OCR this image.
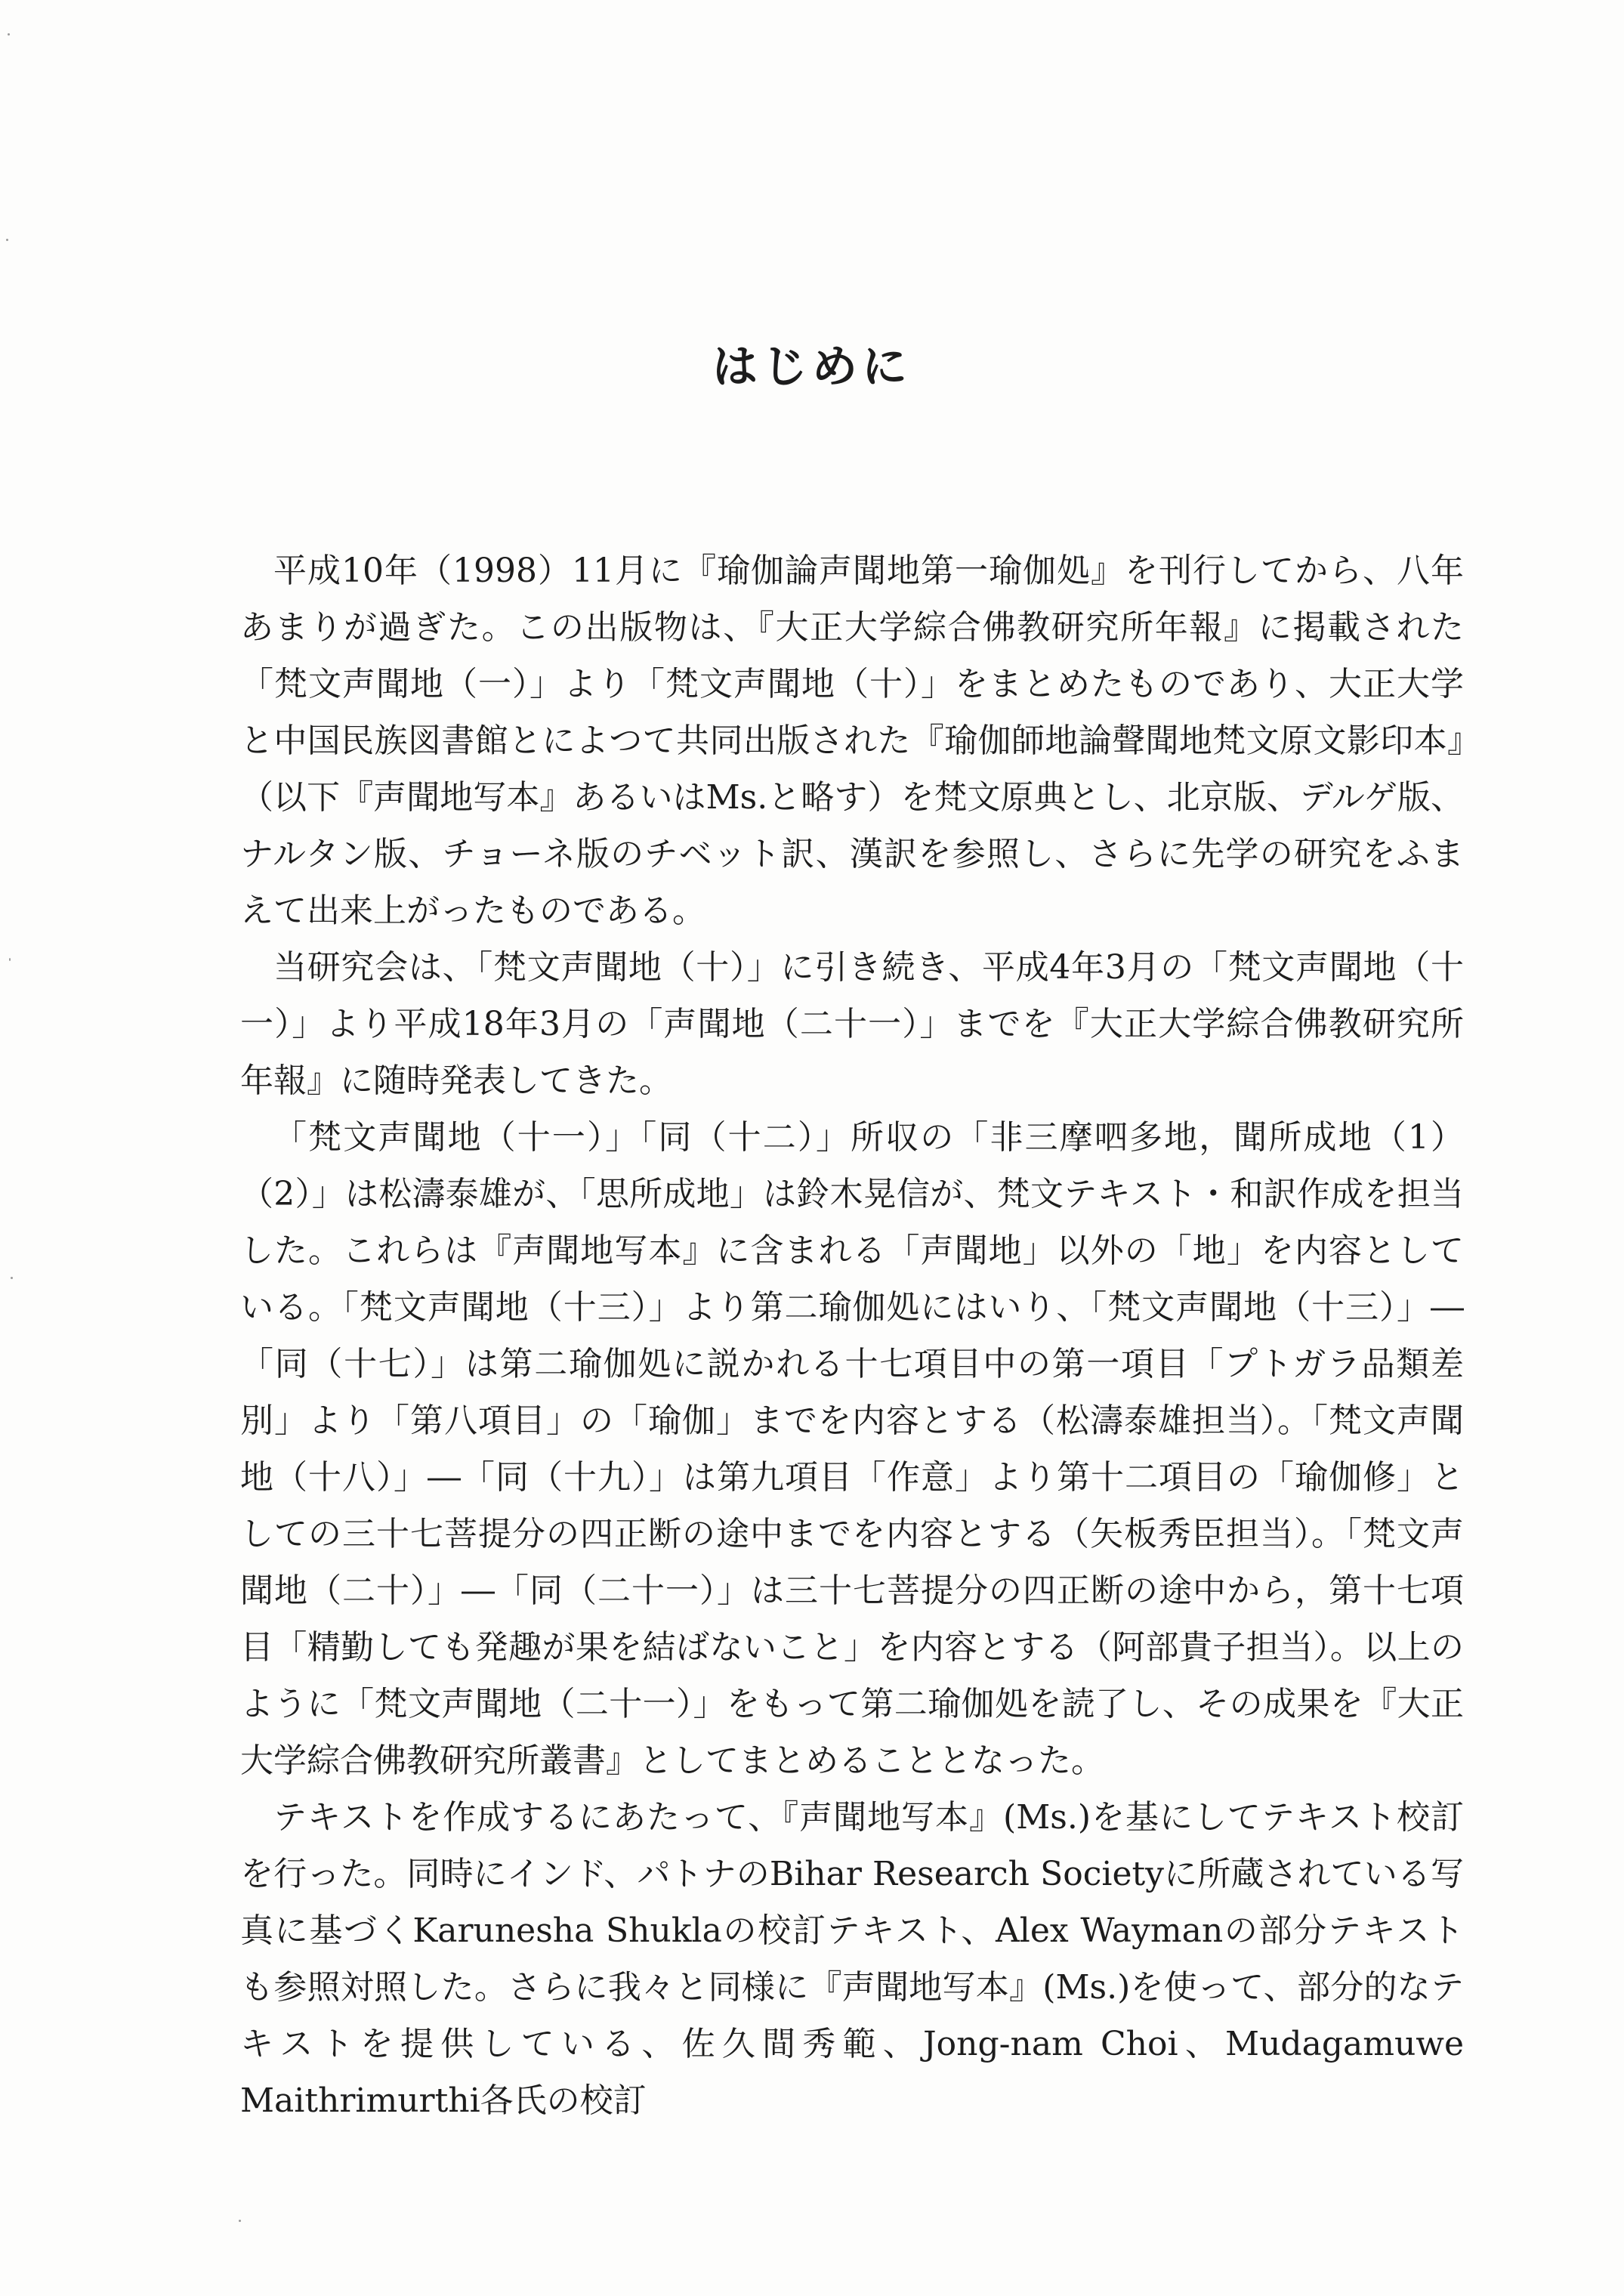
はじめに

平成10年（1998）11月に『瑜伽論声聞地第一瑜伽処』を刊行してから、八年あまりが過ぎた。この出版物は、『大正大学綜合佛教研究所年報』に掲載された「梵文声聞地（一）」より「梵文声聞地（十）」をまとめたものであり、大正大学と中国民族図書館とによつて共同出版された『瑜伽師地論聲聞地梵文原文影印本』（以下『声聞地写本』あるいはMs.と略す）を梵文原典とし、北京版、デルゲ版、ナルタン版、チョーネ版のチベット訳、漢訳を参照し、さらに先学の研究をふまえて出来上がったものである。

当研究会は、「梵文声聞地（十）」に引き続き、平成4年3月の「梵文声聞地（十一）」より平成18年3月の「声聞地（二十一）」までを『大正大学綜合佛教研究所年報』に随時発表してきた。

「梵文声聞地（十一）」「同（十二）」所収の「非三摩呬多地，聞所成地（1）（2）」は松濤泰雄が、「思所成地」は鈴木晃信が、梵文テキスト・和訳作成を担当した。これらは『声聞地写本』に含まれる「声聞地」以外の「地」を内容としている。「梵文声聞地（十三）」より第二瑜伽処にはいり、「梵文声聞地（十三）」―「同（十七）」は第二瑜伽処に説かれる十七項目中の第一項目「プトガラ品類差別」より「第八項目」の「瑜伽」までを内容とする（松濤泰雄担当）。「梵文声聞地（十八）」―「同（十九）」は第九項目「作意」より第十二項目の「瑜伽修」としての三十七菩提分の四正断の途中までを内容とする（矢板秀臣担当）。「梵文声聞地（二十）」―「同（二十一）」は三十七菩提分の四正断の途中から，第十七項目「精勤しても発趣が果を結ばないこと」を内容とする（阿部貴子担当）。以上のように「梵文声聞地（二十一）」をもって第二瑜伽処を読了し、その成果を『大正大学綜合佛教研究所叢書』としてまとめることとなった。

テキストを作成するにあたって、『声聞地写本』(Ms.)を基にしてテキスト校訂を行った。同時にインド、パトナのBihar Research Societyに所蔵されている写真に基づくKarunesha Shuklaの校訂テキスト、Alex Waymanの部分テキストも参照対照した。さらに我々と同様に『声聞地写本』(Ms.)を使って、部分的なテキストを提供している、佐久間秀範、Jong-nam Choi、Mudagamuwe Maithrimurthi各氏の校訂
